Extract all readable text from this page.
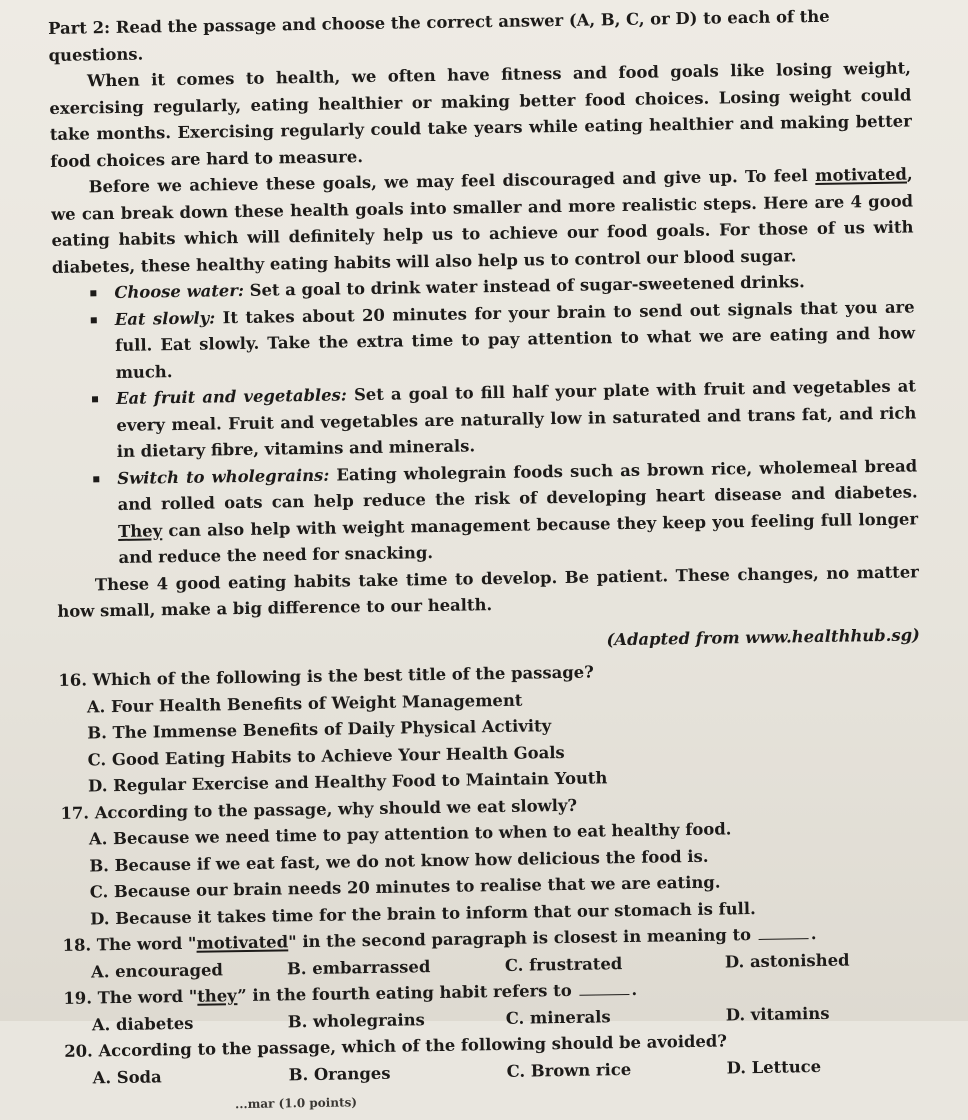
Part 2: Read the passage and choose the correct answer (A, B, C, or D) to each of the questions.

When it comes to health, we often have fitness and food goals like losing weight, exercising regularly, eating healthier or making better food choices. Losing weight could take months. Exercising regularly could take years while eating healthier and making better food choices are hard to measure.

Before we achieve these goals, we may feel discouraged and give up. To feel motivated, we can break down these health goals into smaller and more realistic steps. Here are 4 good eating habits which will definitely help us to achieve our food goals. For those of us with diabetes, these healthy eating habits will also help us to control our blood sugar.

Choose water: Set a goal to drink water instead of sugar-sweetened drinks.
Eat slowly: It takes about 20 minutes for your brain to send out signals that you are full. Eat slowly. Take the extra time to pay attention to what we are eating and how much.
Eat fruit and vegetables: Set a goal to fill half your plate with fruit and vegetables at every meal. Fruit and vegetables are naturally low in saturated and trans fat, and rich in dietary fibre, vitamins and minerals.
Switch to wholegrains: Eating wholegrain foods such as brown rice, wholemeal bread and rolled oats can help reduce the risk of developing heart disease and diabetes. They can also help with weight management because they keep you feeling full longer and reduce the need for snacking.

These 4 good eating habits take time to develop. Be patient. These changes, no matter how small, make a big difference to our health.

(Adapted from www.healthhub.sg)

16. Which of the following is the best title of the passage?

A. Four Health Benefits of Weight Management

B. The Immense Benefits of Daily Physical Activity

C. Good Eating Habits to Achieve Your Health Goals

D. Regular Exercise and Healthy Food to Maintain Youth

17. According to the passage, why should we eat slowly?

A. Because we need time to pay attention to when to eat healthy food.

B. Because if we eat fast, we do not know how delicious the food is.

C. Because our brain needs 20 minutes to realise that we are eating.

D. Because it takes time for the brain to inform that our stomach is full.

18. The word "motivated" in the second paragraph is closest in meaning to	.

A. encouraged	B. embarrassed	C. frustrated	D. astonished

19. The word "they” in the fourth eating habit refers to	.

A. diabetes	B. wholegrains	C. minerals	D. vitamins

20. According to the passage, which of the following should be avoided?

A. Soda	B. Oranges	C. Brown rice	D. Lettuce
...mar (1.0 points)
